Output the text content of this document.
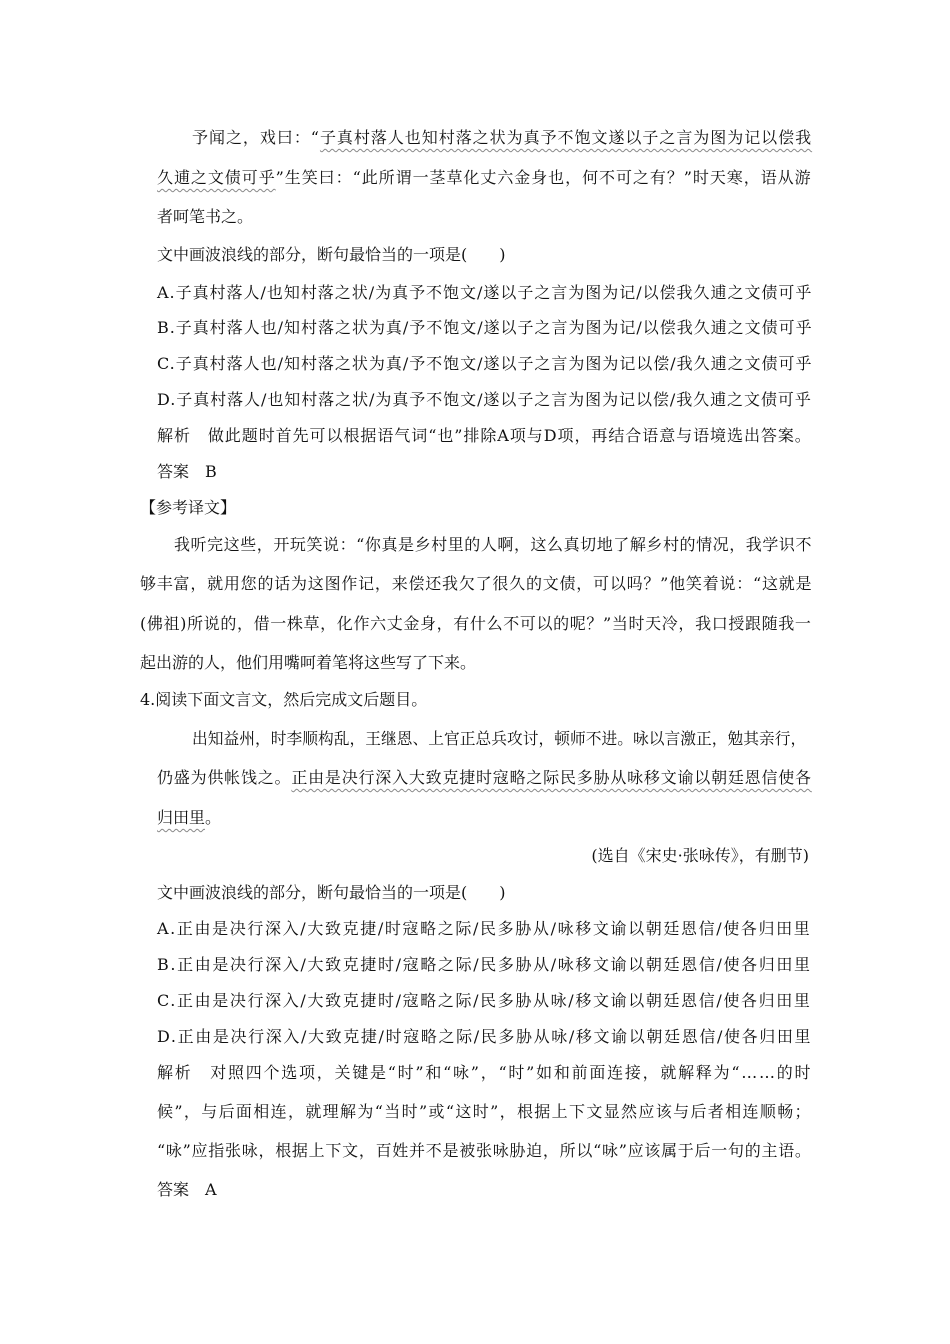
予闻之，戏曰：“子真村落人也知村落之状为真予不饱文遂以子之言为图为记以偿我
久逋之文债可乎”生笑曰：“此所谓一茎草化丈六金身也，何不可之有？”时天寒，语从游
者呵笔书之。
文中画波浪线的部分，断句最恰当的一项是(　　)
A.子真村落人/也知村落之状/为真予不饱文/遂以子之言为图为记/以偿我久逋之文债可乎
B.子真村落人也/知村落之状为真/予不饱文/遂以子之言为图为记/以偿我久逋之文债可乎
C.子真村落人也/知村落之状为真/予不饱文/遂以子之言为图为记以偿/我久逋之文债可乎
D.子真村落人/也知村落之状/为真予不饱文/遂以子之言为图为记以偿/我久逋之文债可乎
解析　做此题时首先可以根据语气词“也”排除A项与D项，再结合语意与语境选出答案。
答案　B
【参考译文】
我听完这些，开玩笑说：“你真是乡村里的人啊，这么真切地了解乡村的情况，我学识不
够丰富，就用您的话为这图作记，来偿还我欠了很久的文债，可以吗？”他笑着说：“这就是
(佛祖)所说的，借一株草，化作六丈金身，有什么不可以的呢？”当时天冷，我口授跟随我一
起出游的人，他们用嘴呵着笔将这些写了下来。
4.阅读下面文言文，然后完成文后题目。
出知益州，时李顺构乱，王继恩、上官正总兵攻讨，顿师不进。咏以言激正，勉其亲行，
仍盛为供帐饯之。正由是决行深入大致克捷时寇略之际民多胁从咏移文谕以朝廷恩信使各
归田里。
(选自《宋史·张咏传》，有删节)
文中画波浪线的部分，断句最恰当的一项是(　　)
A.正由是决行深入/大致克捷/时寇略之际/民多胁从/咏移文谕以朝廷恩信/使各归田里
B.正由是决行深入/大致克捷时/寇略之际/民多胁从/咏移文谕以朝廷恩信/使各归田里
C.正由是决行深入/大致克捷时/寇略之际/民多胁从咏/移文谕以朝廷恩信/使各归田里
D.正由是决行深入/大致克捷/时寇略之际/民多胁从咏/移文谕以朝廷恩信/使各归田里
解析　对照四个选项，关键是“时”和“咏”，“时”如和前面连接，就解释为“……的时
候”，与后面相连，就理解为“当时”或“这时”，根据上下文显然应该与后者相连顺畅；
“咏”应指张咏，根据上下文，百姓并不是被张咏胁迫，所以“咏”应该属于后一句的主语。
答案　A
